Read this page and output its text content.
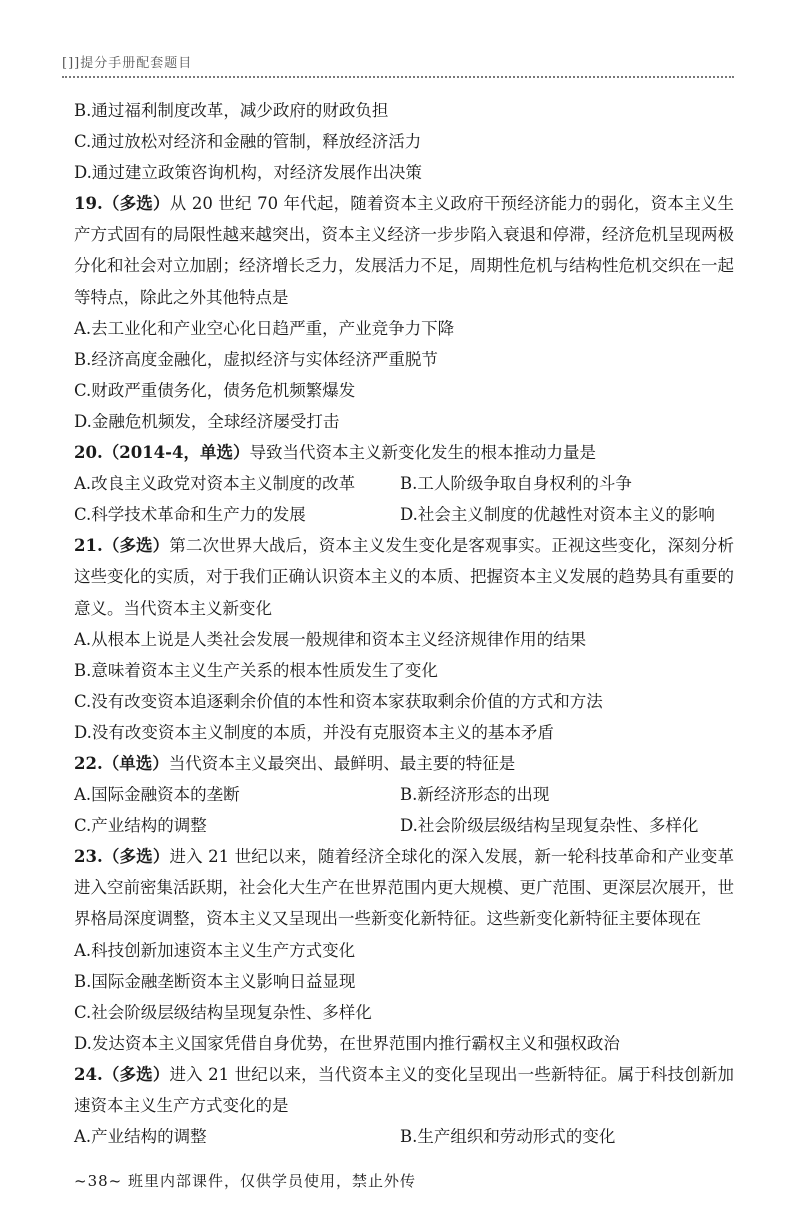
[]]提分手册配套题目
B.通过福利制度改革，减少政府的财政负担
C.通过放松对经济和金融的管制，释放经济活力
D.通过建立政策咨询机构，对经济发展作出决策
19.（多选）从 20 世纪 70 年代起，随着资本主义政府干预经济能力的弱化，资本主义生产方式固有的局限性越来越突出，资本主义经济一步步陷入衰退和停滞，经济危机呈现两极分化和社会对立加剧；经济增长乏力，发展活力不足，周期性危机与结构性危机交织在一起等特点，除此之外其他特点是
A.去工业化和产业空心化日趋严重，产业竞争力下降
B.经济高度金融化，虚拟经济与实体经济严重脱节
C.财政严重债务化，债务危机频繁爆发
D.金融危机频发，全球经济屡受打击
20.（2014-4，单选）导致当代资本主义新变化发生的根本推动力量是
A.改良主义政党对资本主义制度的改革	B.工人阶级争取自身权利的斗争
C.科学技术革命和生产力的发展	D.社会主义制度的优越性对资本主义的影响
21.（多选）第二次世界大战后，资本主义发生变化是客观事实。正视这些变化，深刻分析这些变化的实质，对于我们正确认识资本主义的本质、把握资本主义发展的趋势具有重要的意义。当代资本主义新变化
A.从根本上说是人类社会发展一般规律和资本主义经济规律作用的结果
B.意味着资本主义生产关系的根本性质发生了变化
C.没有改变资本追逐剩余价值的本性和资本家获取剩余价值的方式和方法
D.没有改变资本主义制度的本质，并没有克服资本主义的基本矛盾
22.（单选）当代资本主义最突出、最鲜明、最主要的特征是
A.国际金融资本的垄断	B.新经济形态的出现
C.产业结构的调整	D.社会阶级层级结构呈现复杂性、多样化
23.（多选）进入 21 世纪以来，随着经济全球化的深入发展，新一轮科技革命和产业变革进入空前密集活跃期，社会化大生产在世界范围内更大规模、更广范围、更深层次展开，世界格局深度调整，资本主义又呈现出一些新变化新特征。这些新变化新特征主要体现在
A.科技创新加速资本主义生产方式变化
B.国际金融垄断资本主义影响日益显现
C.社会阶级层级结构呈现复杂性、多样化
D.发达资本主义国家凭借自身优势，在世界范围内推行霸权主义和强权政治
24.（多选）进入 21 世纪以来，当代资本主义的变化呈现出一些新特征。属于科技创新加速资本主义生产方式变化的是
A.产业结构的调整	B.生产组织和劳动形式的变化
~38~ 班里内部课件，仅供学员使用，禁止外传
